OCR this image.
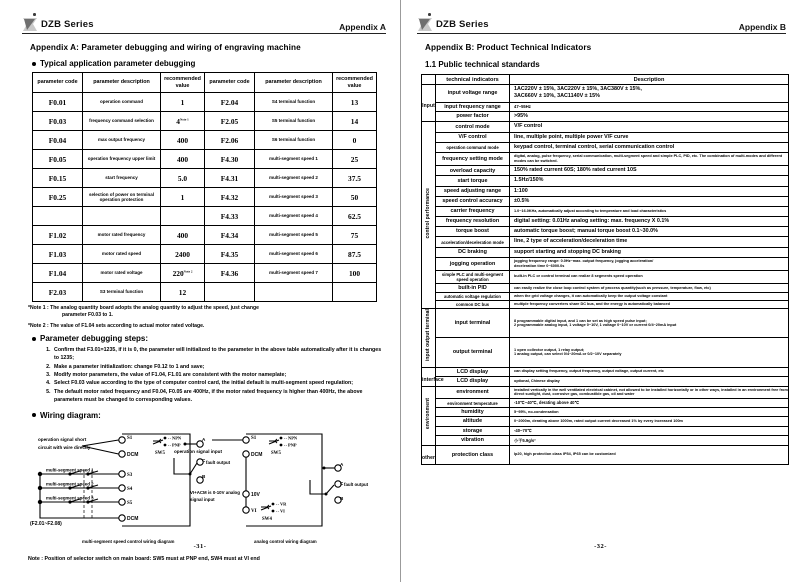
DZB Series	Appendix A
Appendix A: Parameter debugging and wiring of engraving machine
Typical application parameter debugging
parameter code	parameter description	recommended value	parameter code	parameter description	recommended value
F0.01	operation command	1	F2.04	S4 terminal function	13
F0.03	frequency command selection	$4^{Note 1}$	F2.05	S5 terminal function	14
F0.04	max output frequency	400	F2.06	S6 terminal function	0
F0.05	operation frequency upper limit	400	F4.30	multi-segment speed 1	25
F0.15	start frequency	5.0	F4.31	multi-segment speed 2	37.5
F0.25	selection of power on terminal operation protection	1	F4.32	multi-segment speed 3	50
			F4.33	multi-segment speed 4	62.5
F1.02	motor rated frequency	400	F4.34	multi-segment speed 5	75
F1.03	motor rated speed	2400	F4.35	multi-segment speed 6	87.5
F1.04	motor rated voltage	$220^{Note 2}$	F4.36	multi-segment speed 7	100
F2.03	S3 terminal function	12			
*Note 1 : The analog quantity board adopts the analog quantity to adjust the speed, just change
parameter F0.03 to 1.
*Note 2 : The value of F1.04 sets according to actual motor rated voltage.
Parameter debugging steps:
1. Confirm that F3.01=1235, if it is 0, the parameter will initialized to the parameter in the above table automatically after it is changes to 1235;
2. Make a parameter initialization: change F0.12 to 1 and save;
3. Modify motor parameters, the value of F1.04, F1.01 are consistent with the motor nameplate;
4. Select F0.03 value according to the type of computer control card, the initial default is multi-segment speed regulation;
5. The default motor rated frequency and F0.04, F0.05 are 400Hz, if the motor rated frequency is higher than 400Hz, the above parameters must be changed to corresponding values.
Wiring diagram:
operation signal short
circuit with wire directly
multi-segment speed 1
multi-segment speed 2
multi-segment speed 3
(F2.01~F2.08)
S1
DCM
S3
S4
S5
DCM
·· NPN
·· PNP
SW5
A
C
B
fault output
operation signal input
S1
DCM
10V
VI
·· VR
·· VI
SW4
·· NPN
·· PNP
SW5
VI+ACM is 0-10V analog
signal input
A
C
B
fault output
multi-segment speed control wiring diagram	analog control wiring diagram
Note : Position of selector switch on main board: SW5 must at PNP end, SW4 must at VI end
-31-
DZB Series	Appendix B
Appendix B: Product Technical Indicators
1.1 Public technical standards
	technical indicators	Description
Input	input voltage range	1AC220V ± 15%, 3AC220V ± 15%, 3AC380V ± 15%,
3AC660V ± 10%, 3AC1140V ± 15%
	input frequency range	47~55Hz
	power factor	>95%
control performance	control mode	V/F control
	V/F control	line, multiple point, multiple power V/F curve
	operation command mode	keypad control, terminal control, serial communication control
	frequency setting mode	digital, analog, pulse frequency, serial communication, multi-segment speed and simple PLC, PID, etc. The combination of multi-modes and different modes can be switched.
	overload capacity	150% rated current 60S; 180% rated current 10S
	start torque	1.5Hz/150%
	speed adjusting range	1:100
	speed control accuracy	±0.5%
	carrier frequency	1.0~16.0KHz, automatically adjust according to temperature and load characteristics
	frequency resolution	digital setting: 0.01Hz analog setting: max. frequency X 0.1%
	torque boost	automatic torque boost; manual torque boost 0.1~30.0%
	acceleration/deceleration mode	line, 2 type of acceleration/deceleration time
	DC braking	support starting and stopping DC braking
	jogging operation	jogging frequency range: 0.0Hz~max. output frequency, jogging acceleration/
deceleration time 0~6000.0s
	simple PLC and multi-segment speed operation	built-in PLC or control terminal can realize 8 segments speed operation
	built-in PID	can easily realize the close loop control system of process quantity(such as pressure, temperature, flow, etc)
	automatic voltage regulation	when the grid voltage changes, it can automatically keep the output voltage constant
	common DC bus	multiple frequency converters share DC bus, and the energy is automatically balanced
input output terminal	input terminal	8 programmable digital input, and 1 can be set as high speed pulse input;
2 programmable analog input, 1 voltage 0~10V, 1 voltage 0~10V or current 0/4~20mA input
	output terminal	1 open collector output, 1 relay output;
1 analog output, can select 0/4~20mA or 0/2~10V separately
interface	LCD display	can display setting frequency, output frequency, output voltage, output current, etc
	LCD display	optional, Chinese display
environment	environment	installed vertically in the well ventilated electrical cabinet, not allowed to be installed horizontally or in other ways, installed in an environment free from direct sunlight, dust, corrosive gas, combustible gas, oil and water
	environment temperature	-10℃~40℃, derating above 40℃
	humidity	5~95%, no-condensation
	altitude	0~2000m, derating above 1000m, rated output current decreased 1% by every increased 100m
	storage	-40~70℃
	vibration	小于5.9g/s²
other	protection class	Ip20, high protection class IP54, IP65 can be customized
-32-
